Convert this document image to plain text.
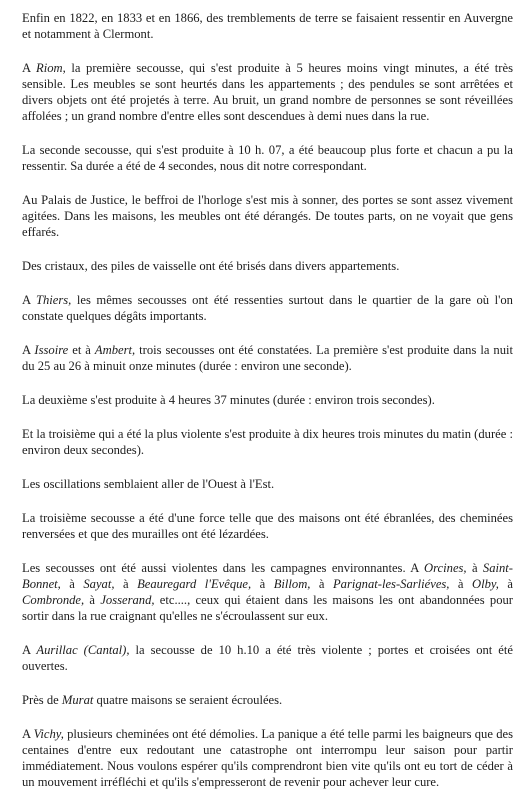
Enfin en 1822, en 1833 et en 1866, des tremblements de terre se faisaient ressentir en Auvergne et notamment à Clermont.

A Riom, la première secousse, qui s'est produite à 5 heures moins vingt minutes, a été très sensible. Les meubles se sont heurtés dans les appartements ; des pendules se sont arrêtées et divers objets ont été projetés à terre. Au bruit, un grand nombre de personnes se sont réveillées affolées ; un grand nombre d'entre elles sont descendues à demi nues dans la rue.

La seconde secousse, qui s'est produite à 10 h. 07, a été beaucoup plus forte et chacun a pu la ressentir. Sa durée a été de 4 secondes, nous dit notre correspondant.

Au Palais de Justice, le beffroi de l'horloge s'est mis à sonner, des portes se sont assez vivement agitées. Dans les maisons, les meubles ont été dérangés. De toutes parts, on ne voyait que gens effarés.

Des cristaux, des piles de vaisselle ont été brisés dans divers appartements.

A Thiers, les mêmes secousses ont été ressenties surtout dans le quartier de la gare où l'on constate quelques dégâts importants.

A Issoire et à Ambert, trois secousses ont été constatées. La première s'est produite dans la nuit du 25 au 26 à minuit onze minutes (durée : environ une seconde).

La deuxième s'est produite à 4 heures 37 minutes (durée : environ trois secondes).

Et la troisième qui a été la plus violente s'est produite à dix heures trois minutes du matin (durée : environ deux secondes).

Les oscillations semblaient aller de l'Ouest à l'Est.

La troisième secousse a été d'une force telle que des maisons ont été ébranlées, des cheminées renversées et que des murailles ont été lézardées.

Les secousses ont été aussi violentes dans les campagnes environnantes. A Orcines, à Saint-Bonnet, à Sayat, à Beauregard l'Evêque, à Billom, à Parignat-les-Sarliéves, à Olby, à Combronde, à Josserand, etc...., ceux qui étaient dans les maisons les ont abandonnées pour sortir dans la rue craignant qu'elles ne s'écroulassent sur eux.

A Aurillac (Cantal), la secousse de 10 h.10 a été très violente ; portes et croisées ont été ouvertes.

Près de Murat quatre maisons se seraient écroulées.

A Vichy, plusieurs cheminées ont été démolies. La panique a été telle parmi les baigneurs que des centaines d'entre eux redoutant une catastrophe ont interrompu leur saison pour partir immédiatement. Nous voulons espérer qu'ils comprendront bien vite qu'ils ont eu tort de céder à un mouvement irréfléchi et qu'ils s'empresseront de revenir pour achever leur cure.
